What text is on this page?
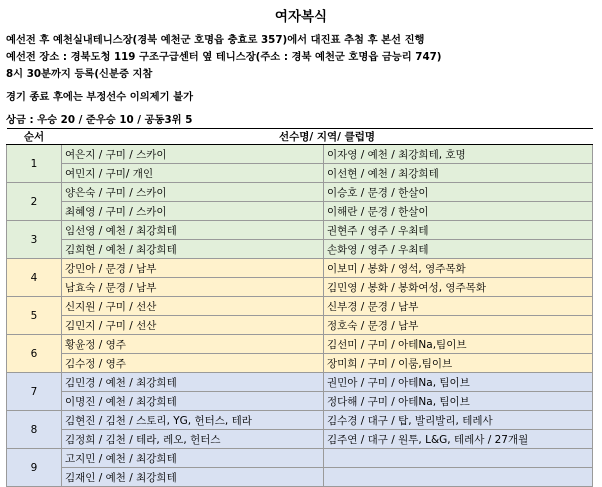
여자복식
예선전 후 예천실내테니스장(경북 예천군 호명읍 충효로 357)에서 대진표 추첨 후 본선 진행
예선전 장소 : 경북도청 119 구조구급센터 옆 테니스장(주소 : 경북 예천군 호명읍 금능리 747)
8시 30분까지 등록(신분증 지참
경기 종료 후에는 부정선수 이의제기 불가
상금 : 우승 20 / 준우승 10 / 공동3위 5
순서	선수명/ 지역/ 클럽명	
1	여은지 / 구미 / 스카이	이자영 / 예천 / 최강희테, 호명
	여민지 / 구미/ 개인	이선현 / 예천 / 최강희테
2	양은숙 / 구미 / 스카이	이승호 / 문경 / 한살이
	최혜영 / 구미 / 스카이	이해란 / 문경 / 한살이
3	임선영 / 예천 / 최강희테	권현주 / 영주 / 우최테
	김희현 / 예천 / 최강희테	손화영 / 영주 / 우최테
4	강민아 / 문경 / 남부	이보미 / 봉화 / 영석, 영주목화
	남효숙 / 문경 / 남부	김민영 / 봉화 / 봉화여성, 영주목화
5	신지원 / 구미 / 선산	신부경 / 문경 / 남부
	김민지 / 구미 / 선산	정호숙 / 문경 / 남부
6	황윤정 / 영주	김선미 / 구미 / 아테Na,팀이브
	김수정 / 영주	장미희 / 구미 / 이룸,팀이브
7	김민경 / 예천 / 최강희테	권민아 / 구미 / 아테Na, 팀이브
	이명진 / 예천 / 최강희테	정다해 / 구미 / 아테Na, 팀이브
8	김현진 / 김천 / 스토리, YG, 헌터스, 테라	김수경 / 대구 / 탑, 발리발리, 테레사
	김정희 / 김천 / 테라, 레오, 헌터스	김주연 / 대구 / 원투, L&G, 테레사 / 27개월
9	고지민 / 예천 / 최강희테	
	김재인 / 예천 / 최강희테	
